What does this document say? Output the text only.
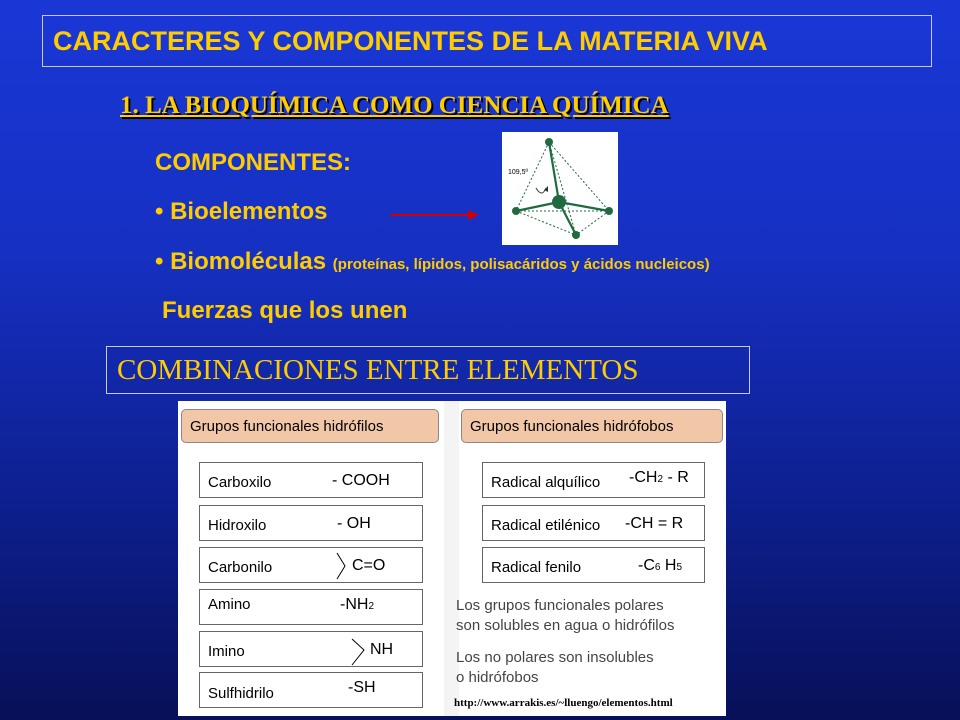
CARACTERES Y COMPONENTES DE LA MATERIA VIVA
1. LA BIOQUÍMICA COMO CIENCIA QUÍMICA
COMPONENTES:
• Bioelementos
109,5º
• Biomoléculas (proteínas, lípidos, polisacáridos y ácidos nucleicos)
Fuerzas que los unen
COMBINACIONES ENTRE ELEMENTOS
Grupos funcionales hidrófilos	Grupos funcionales hidrófobos
Carboxilo	- COOH
Hidroxilo	- OH
Carbonilo	C=O
Amino	-NH2
Imino	NH
Sulfhidrilo	-SH
Radical alquílico -CH2 - R
Radical etilénico -CH = R
Radical fenilo	-C6 H5
Los grupos funcionales polares
son solubles en agua o hidrófilos
Los no polares son insolubles
o hidrófobos
http://www.arrakis.es/~lluengo/elementos.html
